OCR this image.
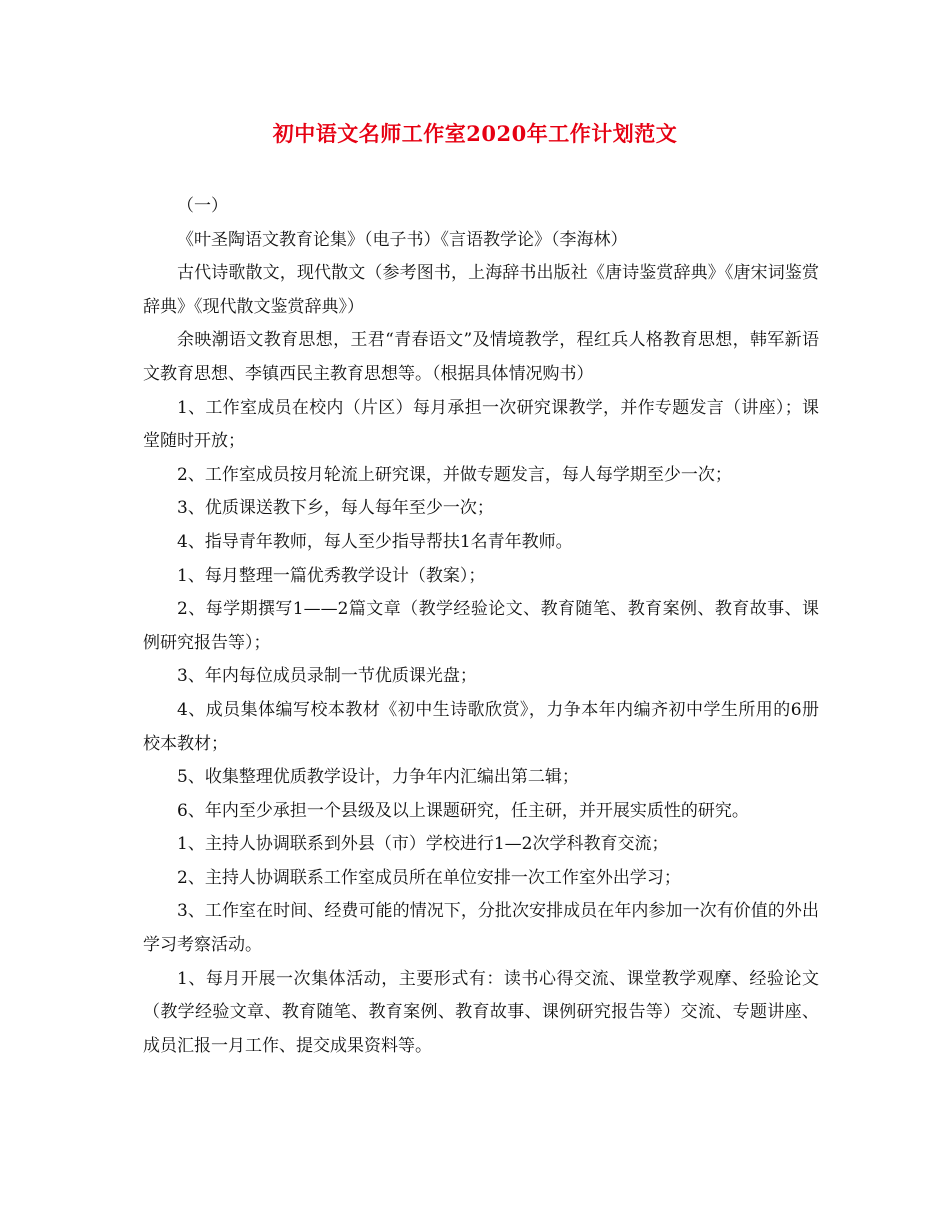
初中语文名师工作室2020年工作计划范文

（一）

《叶圣陶语文教育论集》（电子书）《言语教学论》（李海林）

古代诗歌散文，现代散文（参考图书，上海辞书出版社《唐诗鉴赏辞典》《唐宋词鉴赏辞典》《现代散文鉴赏辞典》）

余映潮语文教育思想，王君“青春语文”及情境教学，程红兵人格教育思想，韩军新语文教育思想、李镇西民主教育思想等。（根据具体情况购书）

1、工作室成员在校内（片区）每月承担一次研究课教学，并作专题发言（讲座）；课堂随时开放；

2、工作室成员按月轮流上研究课，并做专题发言，每人每学期至少一次；

3、优质课送教下乡，每人每年至少一次；

4、指导青年教师，每人至少指导帮扶1名青年教师。

1、每月整理一篇优秀教学设计（教案）；

2、每学期撰写1——2篇文章（教学经验论文、教育随笔、教育案例、教育故事、课例研究报告等）；

3、年内每位成员录制一节优质课光盘；

4、成员集体编写校本教材《初中生诗歌欣赏》，力争本年内编齐初中学生所用的6册校本教材；

5、收集整理优质教学设计，力争年内汇编出第二辑；

6、年内至少承担一个县级及以上课题研究，任主研，并开展实质性的研究。

1、主持人协调联系到外县（市）学校进行1—2次学科教育交流；

2、主持人协调联系工作室成员所在单位安排一次工作室外出学习；

3、工作室在时间、经费可能的情况下，分批次安排成员在年内参加一次有价值的外出学习考察活动。

1、每月开展一次集体活动，主要形式有：读书心得交流、课堂教学观摩、经验论文（教学经验文章、教育随笔、教育案例、教育故事、课例研究报告等）交流、专题讲座、成员汇报一月工作、提交成果资料等。
